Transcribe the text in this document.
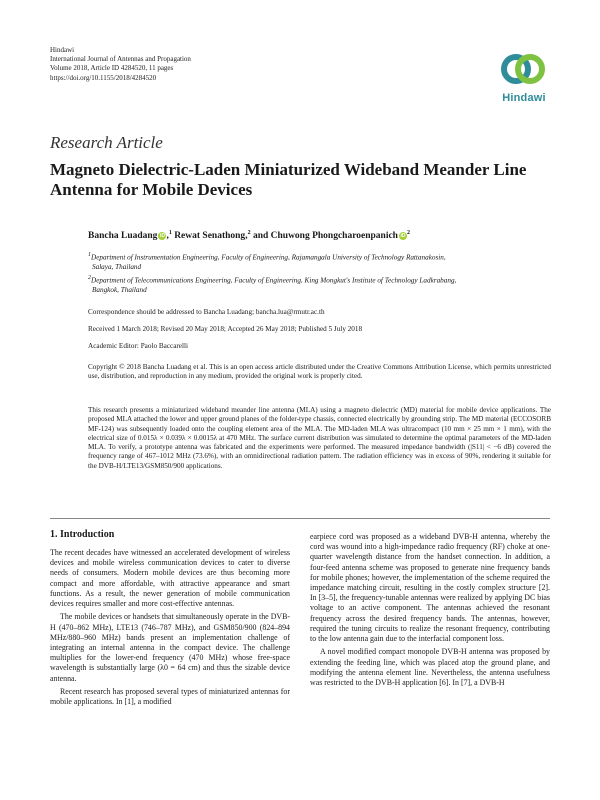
Hindawi
International Journal of Antennas and Propagation
Volume 2018, Article ID 4284520, 11 pages
https://doi.org/10.1155/2018/4284520
Hindawi
Research Article
Magneto Dielectric-Laden Miniaturized Wideband Meander Line
Antenna for Mobile Devices
Bancha Luadang iD ,$^1$ Rewat Senathong,$^2$ and Chuwong Phongcharoenpanich $iD^2$
$^1$Department of Instrumentation Engineering, Faculty of Engineering, Rajamangala University of Technology Rattanakosin,
Salaya, Thailand
$^2$Department of Telecommunications Engineering, Faculty of Engineering, King Mongkut's Institute of Technology Ladkrabang,
Bangkok, Thailand
Correspondence should be addressed to Bancha Luadang; bancha.lua@rmutr.ac.th
Received 1 March 2018; Revised 20 May 2018; Accepted 26 May 2018; Published 5 July 2018
Academic Editor: Paolo Baccarelli
Copyright © 2018 Bancha Luadang et al. This is an open access article distributed under the Creative Commons Attribution License, which permits unrestricted use, distribution, and reproduction in any medium, provided the original work is properly cited.
This research presents a miniaturized wideband meander line antenna (MLA) using a magneto dielectric (MD) material for mobile device applications. The proposed MLA attached the lower and upper ground planes of the folder-type chassis, connected electrically by grounding strip. The MD material (ECCOSORB MF-124) was subsequently loaded onto the coupling element area of the MLA. The MD-laden MLA was ultracompact (10 mm × 25 mm × 1 mm), with the electrical size of 0.015λ × 0.039λ × 0.0015λ at 470 MHz. The surface current distribution was simulated to determine the optimal parameters of the MD-laden MLA. To verify, a prototype antenna was fabricated and the experiments were performed. The measured impedance bandwidth (|S11| < −6 dB) covered the frequency range of 467–1012 MHz (73.6%), with an omnidirectional radiation pattern. The radiation efficiency was in excess of 90%, rendering it suitable for the DVB-H/LTE13/GSM850/900 applications.
1. Introduction

The recent decades have witnessed an accelerated development of wireless devices and mobile wireless communication devices to cater to diverse needs of consumers. Modern mobile devices are thus becoming more compact and more affordable, with attractive appearance and smart functions. As a result, the newer generation of mobile communication devices requires smaller and more cost-effective antennas.

The mobile devices or handsets that simultaneously operate in the DVB-H (470–862 MHz), LTE13 (746–787 MHz), and GSM850/900 (824–894 MHz/880–960 MHz) bands present an implementation challenge of integrating an internal antenna in the compact device. The challenge multiplies for the lower-end frequency (470 MHz) whose free-space wavelength is substantially large (λ0 = 64 cm) and thus the sizable device antenna.

Recent research has proposed several types of miniaturized antennas for mobile applications. In [1], a modified

earpiece cord was proposed as a wideband DVB-H antenna, whereby the cord was wound into a high-impedance radio frequency (RF) choke at one-quarter wavelength distance from the handset connection. In addition, a four-feed antenna scheme was proposed to generate nine frequency bands for mobile phones; however, the implementation of the scheme required the impedance matching circuit, resulting in the costly complex structure [2]. In [3–5], the frequency-tunable antennas were realized by applying DC bias voltage to an active component. The antennas achieved the resonant frequency across the desired frequency bands. The antennas, however, required the tuning circuits to realize the resonant frequency, contributing to the low antenna gain due to the interfacial component loss.

A novel modified compact monopole DVB-H antenna was proposed by extending the feeding line, which was placed atop the ground plane, and modifying the antenna element line. Nevertheless, the antenna usefulness was restricted to the DVB-H application [6]. In [7], a DVB-H
